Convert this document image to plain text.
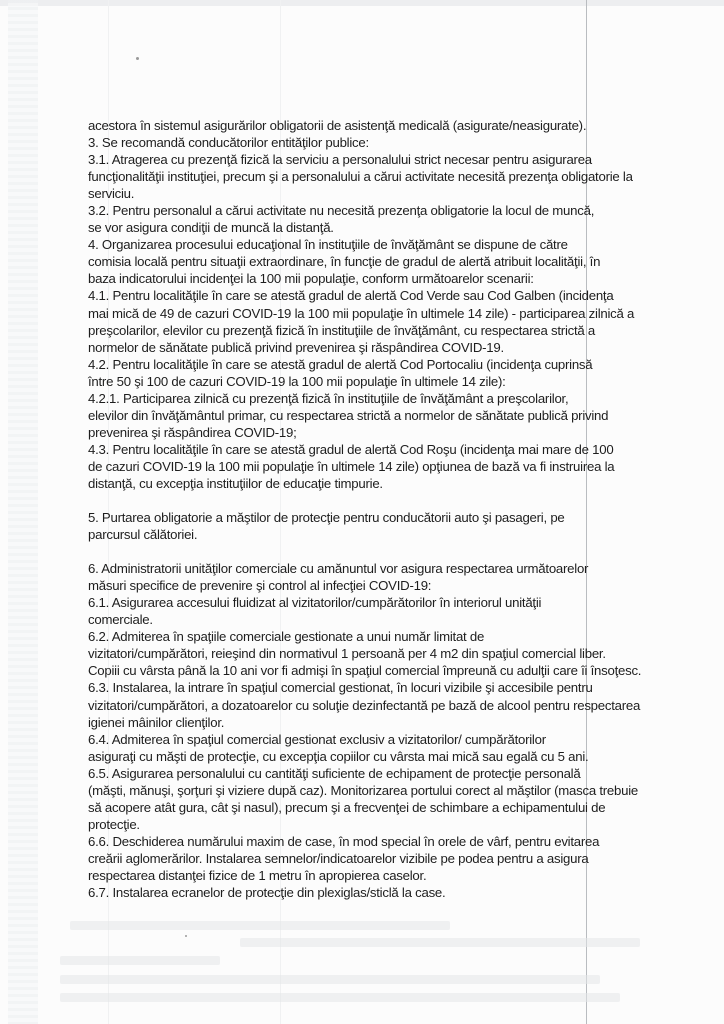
acestora în sistemul asigurărilor obligatorii de asistenţă medicală (asigurate/neasigurate).
3. Se recomandă conducătorilor entităţilor publice:
3.1. Atragerea cu prezenţă fizică la serviciu a personalului strict necesar pentru asigurarea
funcţionalităţii instituţiei, precum şi a personalului a cărui activitate necesită prezenţa obligatorie la
serviciu.
3.2. Pentru personalul a cărui activitate nu necesită prezenţa obligatorie la locul de muncă,
se vor asigura condiţii de muncă la distanţă.
4. Organizarea procesului educaţional în instituţiile de învăţământ se dispune de către
comisia locală pentru situaţii extraordinare, în funcţie de gradul de alertă atribuit localităţii, în
baza indicatorului incidenţei la 100 mii populaţie, conform următoarelor scenarii:
4.1. Pentru localităţile în care se atestă gradul de alertă Cod Verde sau Cod Galben (incidenţa
mai mică de 49 de cazuri COVID-19 la 100 mii populaţie în ultimele 14 zile) - participarea zilnică a
preşcolarilor, elevilor cu prezenţă fizică în instituţiile de învăţământ, cu respectarea strictă a
normelor de sănătate publică privind prevenirea şi răspândirea COVID-19.
4.2. Pentru localităţile în care se atestă gradul de alertă Cod Portocaliu (incidenţa cuprinsă
între 50 şi 100 de cazuri COVID-19 la 100 mii populaţie în ultimele 14 zile):
4.2.1. Participarea zilnică cu prezenţă fizică în instituţiile de învăţământ a preşcolarilor,
elevilor din învăţământul primar, cu respectarea strictă a normelor de sănătate publică privind
prevenirea şi răspândirea COVID-19;
4.3. Pentru localităţile în care se atestă gradul de alertă Cod Roşu (incidenţa mai mare de 100
de cazuri COVID-19 la 100 mii populaţie în ultimele 14 zile) opţiunea de bază va fi instruirea la
distanţă, cu excepţia instituţiilor de educaţie timpurie.
5. Purtarea obligatorie a măştilor de protecţie pentru conducătorii auto şi pasageri, pe
parcursul călătoriei.
6. Administratorii unităţilor comerciale cu amănuntul vor asigura respectarea următoarelor
măsuri specifice de prevenire şi control al infecţiei COVID-19:
6.1. Asigurarea accesului fluidizat al vizitatorilor/cumpărătorilor în interiorul unităţii
comerciale.
6.2. Admiterea în spaţiile comerciale gestionate a unui număr limitat de
vizitatori/cumpărători, reieşind din normativul 1 persoană per 4 m2 din spaţiul comercial liber.
Copiii cu vârsta până la 10 ani vor fi admişi în spaţiul comercial împreună cu adulţii care îi însoţesc.
6.3. Instalarea, la intrare în spaţiul comercial gestionat, în locuri vizibile şi accesibile pentru
vizitatori/cumpărători, a dozatoarelor cu soluţie dezinfectantă pe bază de alcool pentru respectarea
igienei mâinilor clienţilor.
6.4. Admiterea în spaţiul comercial gestionat exclusiv a vizitatorilor/ cumpărătorilor
asiguraţi cu măşti de protecţie, cu excepţia copiilor cu vârsta mai mică sau egală cu 5 ani.
6.5. Asigurarea personalului cu cantităţi suficiente de echipament de protecţie personală
(măşti, mănuşi, şorţuri şi viziere după caz). Monitorizarea portului corect al măştilor (masca trebuie
să acopere atât gura, cât şi nasul), precum şi a frecvenţei de schimbare a echipamentului de
protecţie.
6.6. Deschiderea numărului maxim de case, în mod special în orele de vârf, pentru evitarea
creării aglomerărilor. Instalarea semnelor/indicatoarelor vizibile pe podea pentru a asigura
respectarea distanţei fizice de 1 metru în apropierea caselor.
6.7. Instalarea ecranelor de protecţie din plexiglas/sticlă la case.
